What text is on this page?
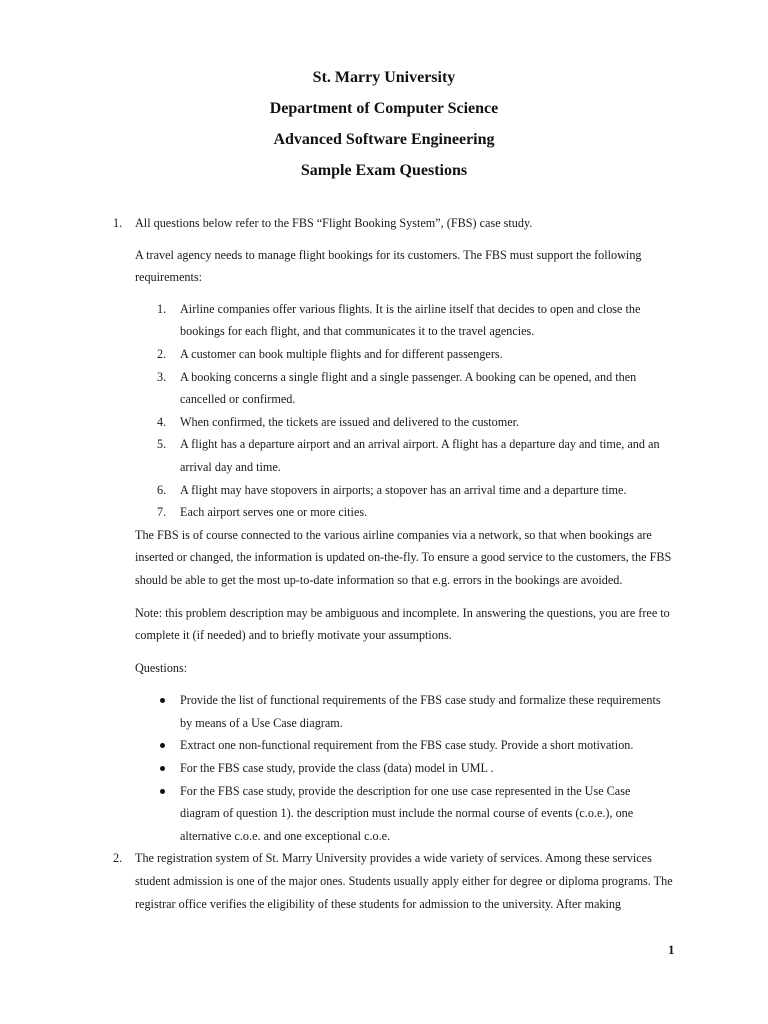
St. Marry University
Department of Computer Science
Advanced Software Engineering
Sample Exam Questions
1. All questions below refer to the FBS “Flight Booking System”, (FBS) case study.

A travel agency needs to manage flight bookings for its customers. The FBS must support the following requirements:

1. Airline companies offer various flights. It is the airline itself that decides to open and close the bookings for each flight, and that communicates it to the travel agencies.
2. A customer can book multiple flights and for different passengers.
3. A booking concerns a single flight and a single passenger. A booking can be opened, and then cancelled or confirmed.
4. When confirmed, the tickets are issued and delivered to the customer.
5. A flight has a departure airport and an arrival airport. A flight has a departure day and time, and an arrival day and time.
6. A flight may have stopovers in airports; a stopover has an arrival time and a departure time.
7. Each airport serves one or more cities.

The FBS is of course connected to the various airline companies via a network, so that when bookings are inserted or changed, the information is updated on-the-fly. To ensure a good service to the customers, the FBS should be able to get the most up-to-date information so that e.g. errors in the bookings are avoided.

Note: this problem description may be ambiguous and incomplete. In answering the questions, you are free to complete it (if needed) and to briefly motivate your assumptions.

Questions:

Provide the list of functional requirements of the FBS case study and formalize these requirements by means of a Use Case diagram.
Extract one non-functional requirement from the FBS case study. Provide a short motivation.
For the FBS case study, provide the class (data) model in UML .
For the FBS case study, provide the description for one use case represented in the Use Case diagram of question 1). the description must include the normal course of events (c.o.e.), one alternative c.o.e. and one exceptional c.o.e.
2. The registration system of St. Marry University provides a wide variety of services. Among these services student admission is one of the major ones. Students usually apply either for degree or diploma programs. The registrar office verifies the eligibility of these students for admission to the university. After making

1
